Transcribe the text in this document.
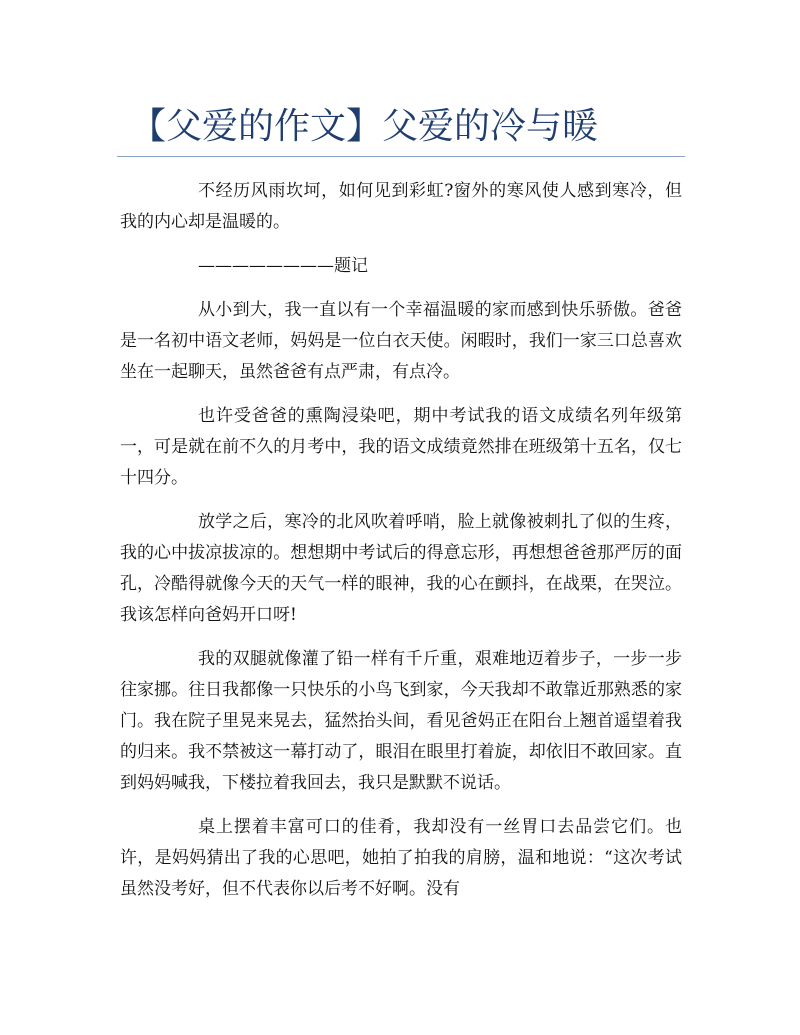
【父爱的作文】父爱的冷与暖

不经历风雨坎坷，如何见到彩虹?窗外的寒风使人感到寒冷，但我的内心却是温暖的。

————————题记

从小到大，我一直以有一个幸福温暖的家而感到快乐骄傲。爸爸是一名初中语文老师，妈妈是一位白衣天使。闲暇时，我们一家三口总喜欢坐在一起聊天，虽然爸爸有点严肃，有点冷。

也许受爸爸的熏陶浸染吧，期中考试我的语文成绩名列年级第一，可是就在前不久的月考中，我的语文成绩竟然排在班级第十五名，仅七十四分。

放学之后，寒冷的北风吹着呼哨，脸上就像被刺扎了似的生疼，我的心中拔凉拔凉的。想想期中考试后的得意忘形，再想想爸爸那严厉的面孔，冷酷得就像今天的天气一样的眼神，我的心在颤抖，在战栗，在哭泣。我该怎样向爸妈开口呀!

我的双腿就像灌了铅一样有千斤重，艰难地迈着步子，一步一步往家挪。往日我都像一只快乐的小鸟飞到家，今天我却不敢靠近那熟悉的家门。我在院子里晃来晃去，猛然抬头间，看见爸妈正在阳台上翘首遥望着我的归来。我不禁被这一幕打动了，眼泪在眼里打着旋，却依旧不敢回家。直到妈妈喊我，下楼拉着我回去，我只是默默不说话。

桌上摆着丰富可口的佳肴，我却没有一丝胃口去品尝它们。也许，是妈妈猜出了我的心思吧，她拍了拍我的肩膀，温和地说：“这次考试虽然没考好，但不代表你以后考不好啊。没有
